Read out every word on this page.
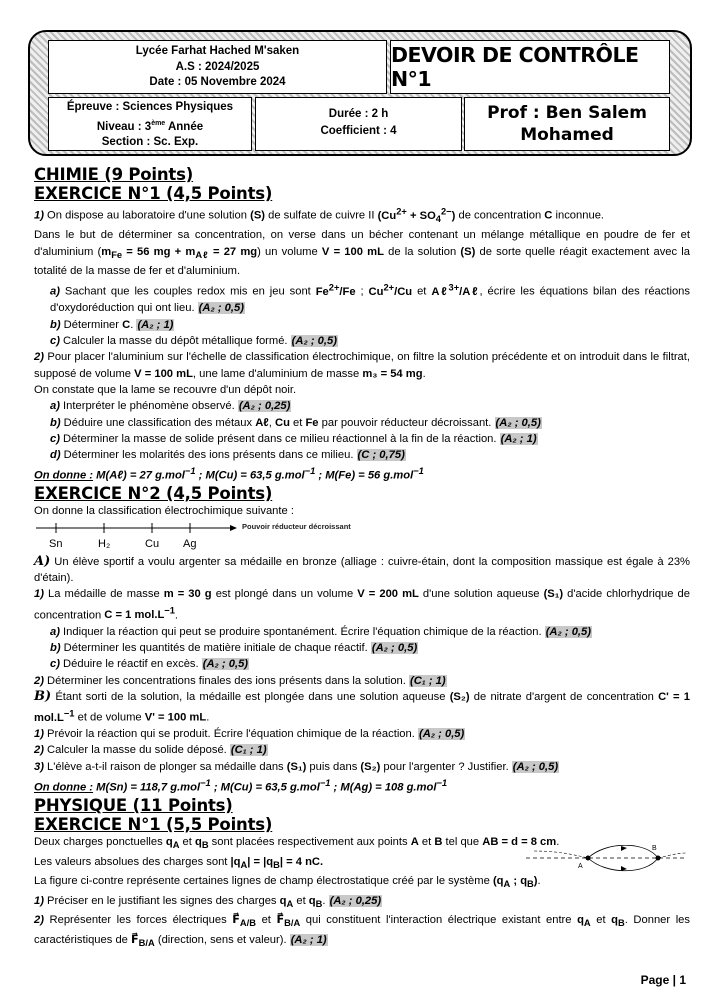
Lycée Farhat Hached M'saken
A.S : 2024/2025
Date : 05 Novembre 2024
DEVOIR DE CONTRÔLE N°1
Épreuve : Sciences Physiques
Niveau : 3ème Année
Section : Sc. Exp.
Durée : 2 h
Coefficient : 4
Prof : Ben Salem
Mohamed
CHIMIE (9 Points)
EXERCICE N°1 (4,5 Points)
1) On dispose au laboratoire d'une solution (S) de sulfate de cuivre II $(Cu^{2+} + SO_4^{2-})$ de concentration C inconnue.
Dans le but de déterminer sa concentration, on verse dans un bécher contenant un mélange métallique en poudre de fer et d'aluminium ($m_{Fe} = 56$ mg + $m_{A\ell} = 27$ mg) un volume V = 100 mL de la solution (S) de sorte quelle réagit exactement avec la totalité de la masse de fer et d'aluminium.
a) Sachant que les couples redox mis en jeu sont $Fe^{2+}/Fe$ ; $Cu^{2+}/Cu$ et Aℓ$^{3+}$/Aℓ, écrire les équations bilan des réactions d'oxydoréduction qui ont lieu. (A₂ ; 0,5)
b) Déterminer C. (A₂ ; 1)
c) Calculer la masse du dépôt métallique formé. (A₂ ; 0,5)
2) Pour placer l'aluminium sur l'échelle de classification électrochimique, on filtre la solution précédente et on introduit dans le filtrat, supposé de volume V = 100 mL, une lame d'aluminium de masse m₃ = 54 mg.
On constate que la lame se recouvre d'un dépôt noir.
a) Interpréter le phénomène observé. (A₂ ; 0,25)
b) Déduire une classification des métaux Aℓ, Cu et Fe par pouvoir réducteur décroissant. (A₂ ; 0,5)
c) Déterminer la masse de solide présent dans ce milieu réactionnel à la fin de la réaction. (A₂ ; 1)
d) Déterminer les molarités des ions présents dans ce milieu. (C ; 0,75)
On donne : M(Aℓ) = 27 g.mol$^{-1}$ ; M(Cu) = 63,5 g.mol$^{-1}$ ; M(Fe) = 56 g.mol$^{-1}$
EXERCICE N°2 (4,5 Points)
On donne la classification électrochimique suivante :
Pouvoir réducteur décroissant
Sn	H₂	Cu Ag
A) Un élève sportif a voulu argenter sa médaille en bronze (alliage : cuivre-étain, dont la composition massique est égale à 23% d'étain).
1) La médaille de masse m = 30 g est plongé dans un volume V = 200 mL d'une solution aqueuse (S₁) d'acide chlorhydrique de concentration C = 1 $mol.L^{-1}$.
a) Indiquer la réaction qui peut se produire spontanément. Écrire l'équation chimique de la réaction. (A₂ ; 0,5)
b) Déterminer les quantités de matière initiale de chaque réactif. (A₂ ; 0,5)
c) Déduire le réactif en excès. (A₂ ; 0,5)
2) Déterminer les concentrations finales des ions présents dans la solution. (C₁ ; 1)
B) Étant sorti de la solution, la médaille est plongée dans une solution aqueuse (S₂) de nitrate d'argent de concentration C' = 1 $mol.L^{-1}$ et de volume V' = 100 mL.
1) Prévoir la réaction qui se produit. Écrire l'équation chimique de la réaction. (A₂ ; 0,5)
2) Calculer la masse du solide déposé. (C₁ ; 1)
3) L'élève a-t-il raison de plonger sa médaille dans (S₁) puis dans (S₂) pour l'argenter ? Justifier. (A₂ ; 0,5)
On donne : M(Sn) = 118,7 g.mol$^{-1}$ ; M(Cu) = 63,5 g.mol$^{-1}$ ; M(Ag) = 108 g.mol$^{-1}$
PHYSIQUE (11 Points)
EXERCICE N°1 (5,5 Points)
Deux charges ponctuelles $q_A$ et $q_B$ sont placées respectivement aux points A et B tel que AB = d = 8 cm.
Les valeurs absolues des charges sont $|q_A| = |q_B| = 4$ nC.
La figure ci-contre représente certaines lignes de champ électrostatique créé par le système ($q_A$ ; $q_B$).
1) Préciser en le justifiant les signes des charges $q_A$ et $q_B$. (A₂ ; 0,25)
2) Représenter les forces électriques $F⃗_{A/B}$ et $F⃗_{B/A}$ qui constituent l'interaction électrique existant entre $q_A$ et $q_B$. Donner les caractéristiques de $F⃗_{B/A}$ (direction, sens et valeur). (A₂ ; 1)
A
B
Page | 1
